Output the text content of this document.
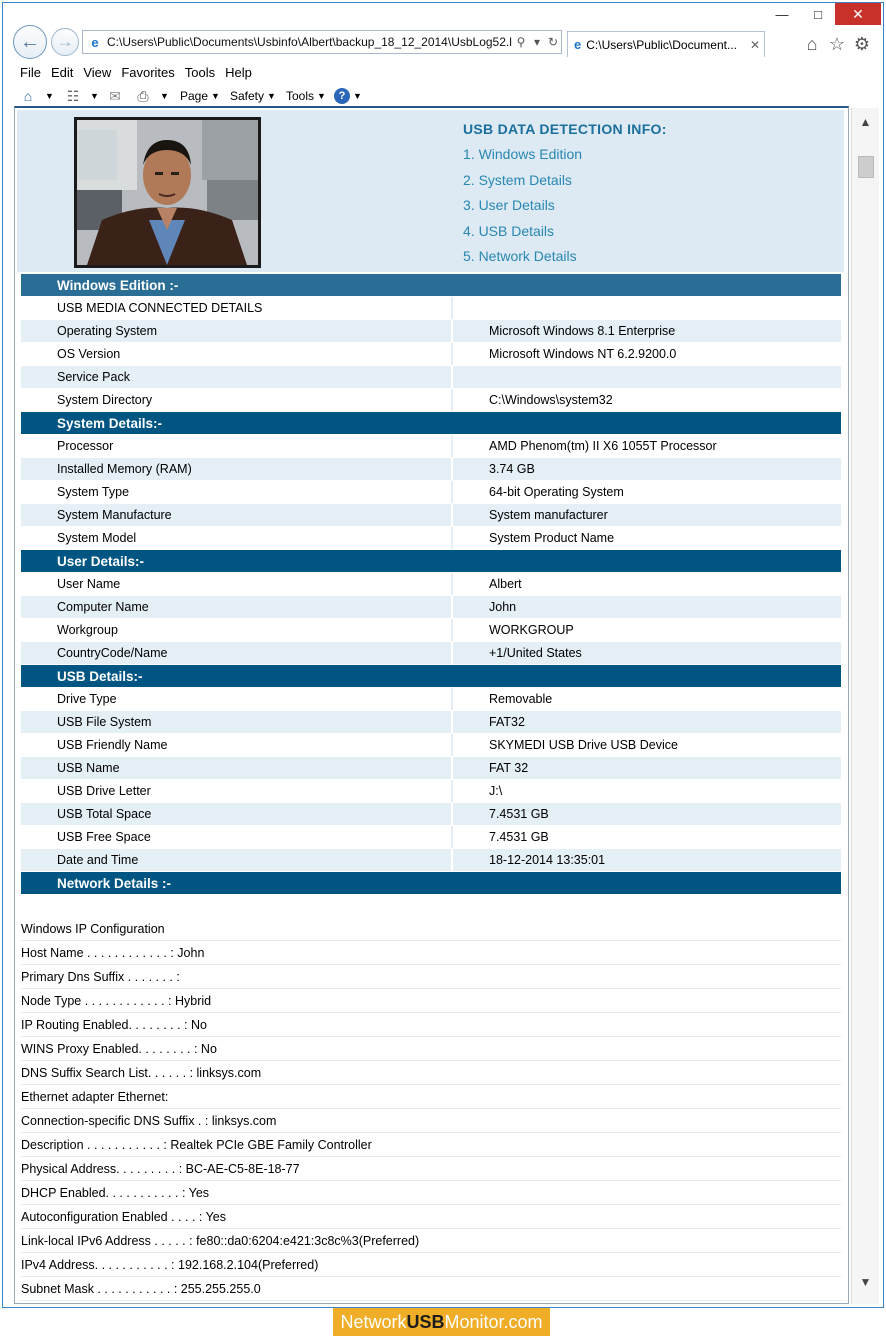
—	□	✕
← →	e C:\Users\Public\Documents\Usbinfo\Albert\backup_18_12_2014\UsbLog52.l ⚲ ▾ ↻ e C:\Users\Public\Document...	✕	⌂ ☆ ⚙
File Edit View Favorites Tools Help
⌂	▼ ☷ ▼ ✉ ⎙ ▼ Page ▼ Safety ▼ Tools ▼	? ▼
USB DATA DETECTION INFO:
1. Windows Edition
2. System Details
3. User Details
4. USB Details
5. Network Details
Windows Edition :-	
USB MEDIA CONNECTED DETAILS	
Operating System	Microsoft Windows 8.1 Enterprise
OS Version	Microsoft Windows NT 6.2.9200.0
Service Pack	
System Directory	C:\Windows\system32
System Details:-	
Processor	AMD Phenom(tm) II X6 1055T Processor
Installed Memory (RAM)	3.74 GB
System Type	64-bit Operating System
System Manufacture	System manufacturer
System Model	System Product Name
User Details:-	
User Name	Albert
Computer Name	John
Workgroup	WORKGROUP
CountryCode/Name	+1/United States
USB Details:-	
Drive Type	Removable
USB File System	FAT32
USB Friendly Name	SKYMEDI USB Drive USB Device
USB Name	FAT 32
USB Drive Letter	J:\
USB Total Space	7.4531 GB
USB Free Space	7.4531 GB
Date and Time	18-12-2014 13:35:01
Network Details :-	

Windows IP Configuration	
Host Name . . . . . . . . . . . . : John	
Primary Dns Suffix . . . . . . . :	
Node Type . . . . . . . . . . . . : Hybrid	
IP Routing Enabled. . . . . . . . : No	
WINS Proxy Enabled. . . . . . . . : No	
DNS Suffix Search List. . . . . . : linksys.com	
Ethernet adapter Ethernet:	
Connection-specific DNS Suffix . : linksys.com	
Description . . . . . . . . . . . : Realtek PCIe GBE Family Controller	
Physical Address. . . . . . . . . : BC-AE-C5-8E-18-77	
DHCP Enabled. . . . . . . . . . . : Yes	
Autoconfiguration Enabled . . . . : Yes	
Link-local IPv6 Address . . . . . : fe80::da0:6204:e421:3c8c%3(Preferred)	
IPv4 Address. . . . . . . . . . . : 192.168.2.104(Preferred)	
Subnet Mask . . . . . . . . . . . : 255.255.255.0	
▲
▼
Network USB Monitor.com
